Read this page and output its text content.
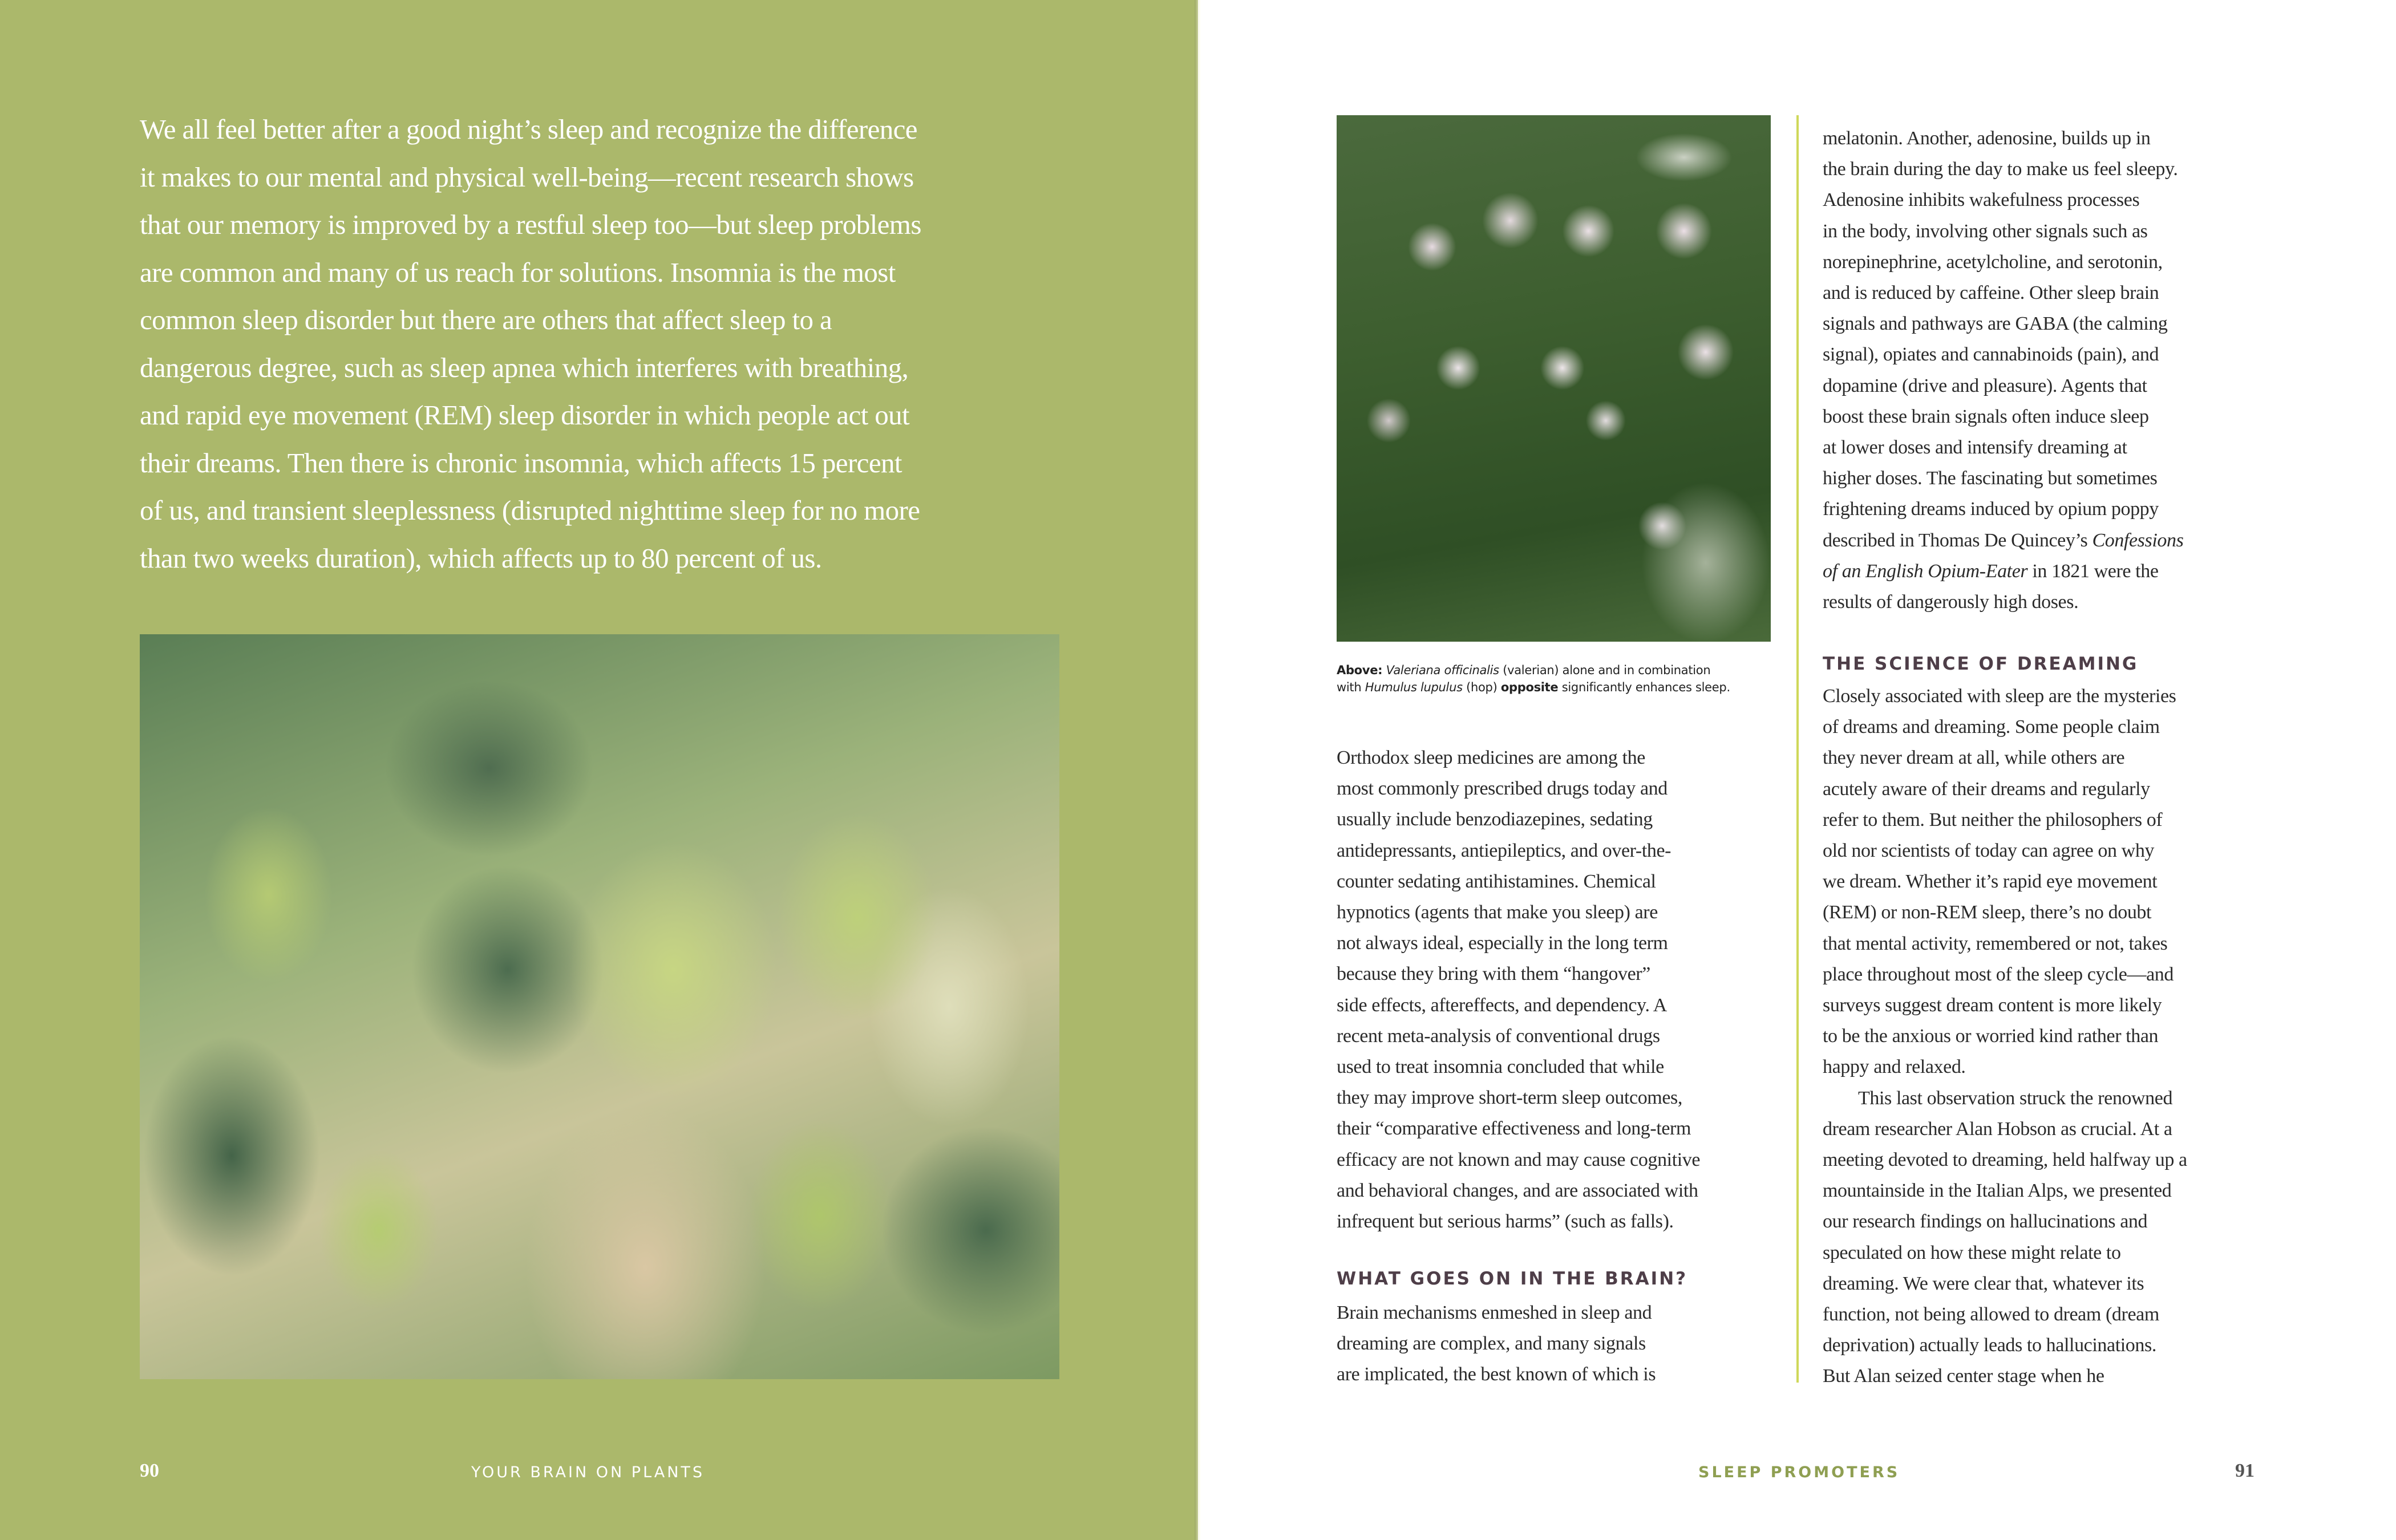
We all feel better after a good night’s sleep and recognize the difference
it makes to our mental and physical well-being—recent research shows
that our memory is improved by a restful sleep too—but sleep problems
are common and many of us reach for solutions. Insomnia is the most
common sleep disorder but there are others that affect sleep to a
dangerous degree, such as sleep apnea which interferes with breathing,
and rapid eye movement (REM) sleep disorder in which people act out
their dreams. Then there is chronic insomnia, which affects 15 percent
of us, and transient sleeplessness (disrupted nighttime sleep for no more
than two weeks duration), which affects up to 80 percent of us.
90	YOUR BRAIN ON PLANTS
Above: Valeriana officinalis (valerian) alone and in combination
with Humulus lupulus (hop) opposite significantly enhances sleep.
Orthodox sleep medicines are among the
most commonly prescribed drugs today and
usually include benzodiazepines, sedating
antidepressants, antiepileptics, and over-the-
counter sedating antihistamines. Chemical
hypnotics (agents that make you sleep) are
not always ideal, especially in the long term
because they bring with them “hangover”
side effects, aftereffects, and dependency. A
recent meta-analysis of conventional drugs
used to treat insomnia concluded that while
they may improve short-term sleep outcomes,
their “comparative effectiveness and long-term
efficacy are not known and may cause cognitive
and behavioral changes, and are associated with
infrequent but serious harms” (such as falls).
WHAT GOES ON IN THE BRAIN?
Brain mechanisms enmeshed in sleep and
dreaming are complex, and many signals
are implicated, the best known of which is
melatonin. Another, adenosine, builds up in
the brain during the day to make us feel sleepy.
Adenosine inhibits wakefulness processes
in the body, involving other signals such as
norepinephrine, acetylcholine, and serotonin,
and is reduced by caffeine. Other sleep brain
signals and pathways are GABA (the calming
signal), opiates and cannabinoids (pain), and
dopamine (drive and pleasure). Agents that
boost these brain signals often induce sleep
at lower doses and intensify dreaming at
higher doses. The fascinating but sometimes
frightening dreams induced by opium poppy
described in Thomas De Quincey’s Confessions
of an English Opium-Eater in 1821 were the
results of dangerously high doses.
THE SCIENCE OF DREAMING
Closely associated with sleep are the mysteries
of dreams and dreaming. Some people claim
they never dream at all, while others are
acutely aware of their dreams and regularly
refer to them. But neither the philosophers of
old nor scientists of today can agree on why
we dream. Whether it’s rapid eye movement
(REM) or non-REM sleep, there’s no doubt
that mental activity, remembered or not, takes
place throughout most of the sleep cycle—and
surveys suggest dream content is more likely
to be the anxious or worried kind rather than
happy and relaxed.
This last observation struck the renowned
dream researcher Alan Hobson as crucial. At a
meeting devoted to dreaming, held halfway up a
mountainside in the Italian Alps, we presented
our research findings on hallucinations and
speculated on how these might relate to
dreaming. We were clear that, whatever its
function, not being allowed to dream (dream
deprivation) actually leads to hallucinations.
But Alan seized center stage when he
SLEEP PROMOTERS	91
